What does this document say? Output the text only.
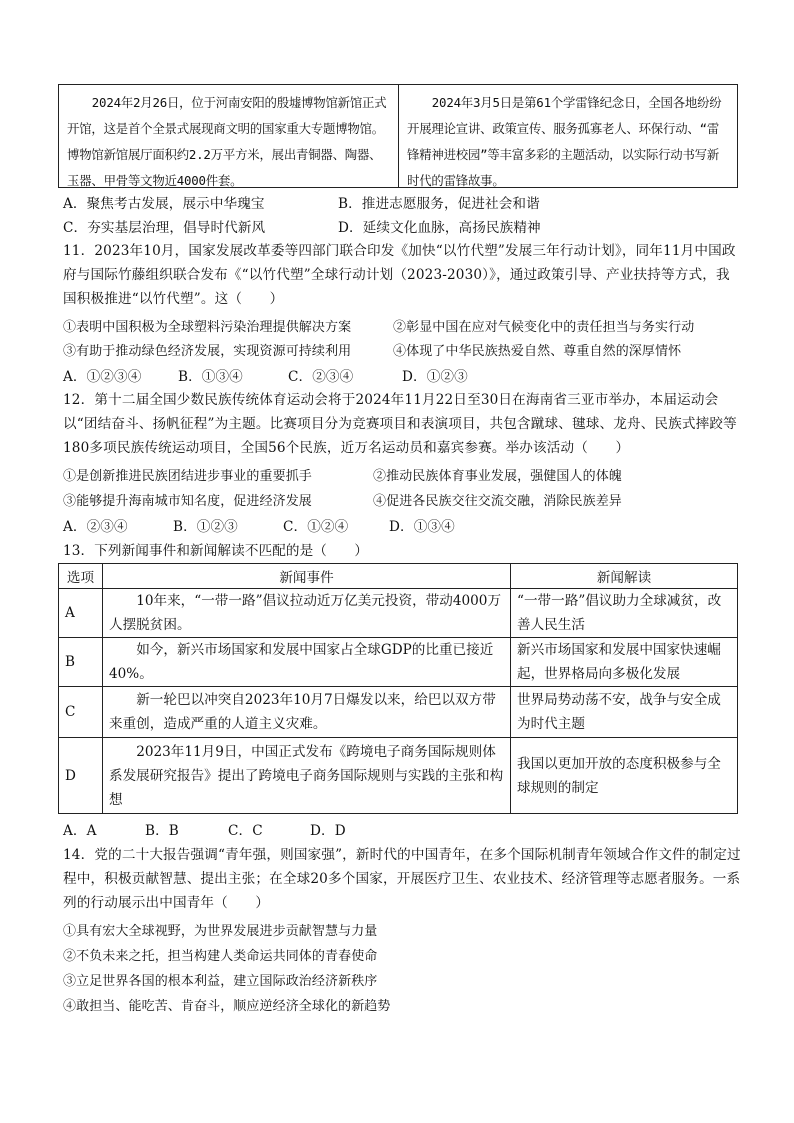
2024年2月26日，位于河南安阳的殷墟博物馆新馆正式开馆，这是首个全景式展现商文明的国家重大专题博物馆。博物馆新馆展厅面积约2.2万平方米，展出青铜器、陶器、玉器、甲骨等文物近4000件套。
2024年3月5日是第61个学雷锋纪念日，全国各地纷纷开展理论宣讲、政策宣传、服务孤寡老人、环保行动、“雷锋精神进校园”等丰富多彩的主题活动，以实际行动书写新时代的雷锋故事。
A．聚焦考古发展，展示中华瑰宝	B．推进志愿服务，促进社会和谐
C．夯实基层治理，倡导时代新风	D．延续文化血脉，高扬民族精神
11．2023年10月，国家发展改革委等四部门联合印发《加快“以竹代塑”发展三年行动计划》，同年11月中国政府与国际竹藤组织联合发布《“以竹代塑”全球行动计划（2023-2030）》，通过政策引导、产业扶持等方式，我国积极推进“以竹代塑”。这（　　）
①表明中国积极为全球塑料污染治理提供解决方案	②彰显中国在应对气候变化中的责任担当与务实行动
③有助于推动绿色经济发展，实现资源可持续利用	④体现了中华民族热爱自然、尊重自然的深厚情怀
A．①②③④	B．①③④	C．②③④	D．①②③
12．第十二届全国少数民族传统体育运动会将于2024年11月22日至30日在海南省三亚市举办，本届运动会以“团结奋斗、扬帆征程”为主题。比赛项目分为竞赛项目和表演项目，共包含蹴球、毽球、龙舟、民族式摔跤等180多项民族传统运动项目，全国56个民族，近万名运动员和嘉宾参赛。举办该活动（　　）
①是创新推进民族团结进步事业的重要抓手	②推动民族体育事业发展，强健国人的体魄
③能够提升海南城市知名度，促进经济发展	④促进各民族交往交流交融，消除民族差异
A．②③④	B．①②③	C．①②④	D．①③④
13．下列新闻事件和新闻解读不匹配的是（　　）
选项	新闻事件	新闻解读
A	10年来，“一带一路”倡议拉动近万亿美元投资，带动4000万人摆脱贫困。	“一带一路”倡议助力全球减贫，改善人民生活
B	如今，新兴市场国家和发展中国家占全球GDP的比重已接近40%。	新兴市场国家和发展中国家快速崛起，世界格局向多极化发展
C	新一轮巴以冲突自2023年10月7日爆发以来，给巴以双方带来重创，造成严重的人道主义灾难。	世界局势动荡不安，战争与安全成为时代主题
D	2023年11月9日，中国正式发布《跨境电子商务国际规则体系发展研究报告》提出了跨境电子商务国际规则与实践的主张和构想	我国以更加开放的态度积极参与全球规则的制定
A．A	B．B	C．C	D．D
14．党的二十大报告强调“青年强，则国家强”，新时代的中国青年，在多个国际机制青年领域合作文件的制定过程中，积极贡献智慧、提出主张；在全球20多个国家，开展医疗卫生、农业技术、经济管理等志愿者服务。一系列的行动展示出中国青年（　　）
①具有宏大全球视野，为世界发展进步贡献智慧与力量
②不负未来之托，担当构建人类命运共同体的青春使命
③立足世界各国的根本利益，建立国际政治经济新秩序
④敢担当、能吃苦、肯奋斗，顺应逆经济全球化的新趋势
